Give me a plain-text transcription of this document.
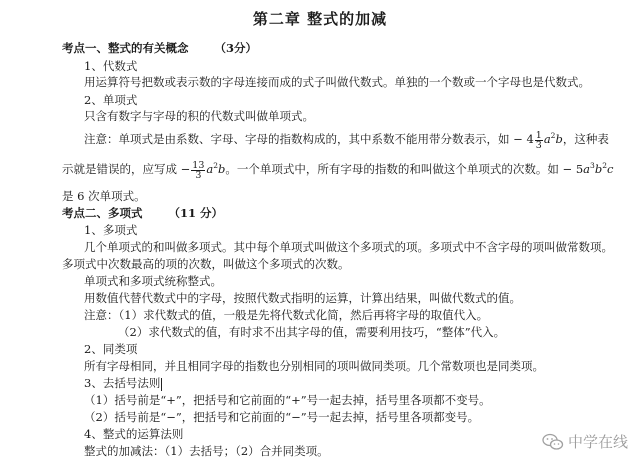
第二章 整式的加减
考点一、整式的有关概念 （3分）
1、代数式
用运算符号把数或表示数的字母连接而成的式子叫做代数式。单独的一个数或一个字母也是代数式。
2、单项式
只含有数字与字母的积的代数式叫做单项式。
注意：单项式是由系数、字母、字母的指数构成的，其中系数不能用带分数表示，如 − $4 \frac{1}{3} a^2b$，这种表
示就是错误的，应写成 − $\frac{13}{3} a^2b$。一个单项式中，所有字母的指数的和叫做这个单项式的次数。如 − $5a^3b^2c$
是 6 次单项式。
考点二、多项式 （11 分）
1、多项式
几个单项式的和叫做多项式。其中每个单项式叫做这个多项式的项。多项式中不含字母的项叫做常数项。
多项式中次数最高的项的次数，叫做这个多项式的次数。
单项式和多项式统称整式。
用数值代替代数式中的字母，按照代数式指明的运算，计算出结果，叫做代数式的值。
注意：（1）求代数式的值，一般是先将代数式化简，然后再将字母的取值代入。
（2）求代数式的值，有时求不出其字母的值，需要利用技巧，“整体”代入。
2、同类项
所有字母相同，并且相同字母的指数也分别相同的项叫做同类项。几个常数项也是同类项。
3、去括号法则
（1）括号前是“+”，把括号和它前面的“+”号一起去掉，括号里各项都不变号。
（2）括号前是“−”，把括号和它前面的“−”号一起去掉，括号里各项都变号。
4、整式的运算法则
整式的加减法：（1）去括号；（2）合并同类项。	中学在线
